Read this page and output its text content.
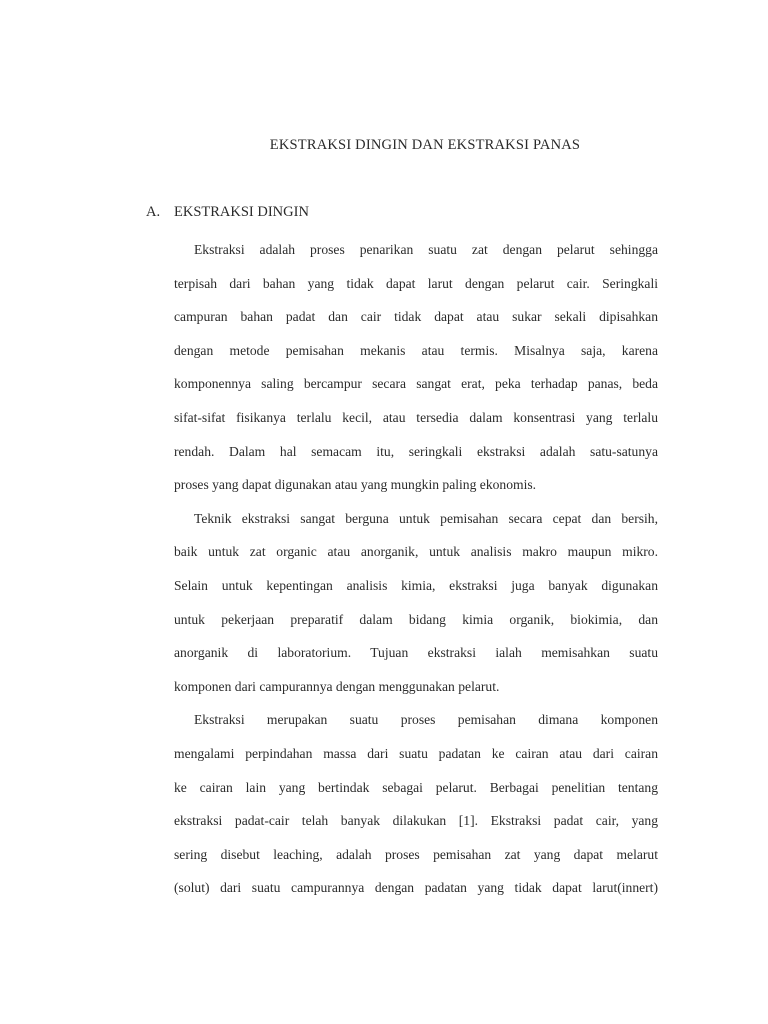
EKSTRAKSI DINGIN DAN EKSTRAKSI PANAS
A. EKSTRAKSI DINGIN
Ekstraksi adalah proses penarikan suatu zat dengan pelarut sehingga
terpisah dari bahan yang tidak dapat larut dengan pelarut cair. Seringkali
campuran bahan padat dan cair tidak dapat atau sukar sekali dipisahkan
dengan metode pemisahan mekanis atau termis. Misalnya saja, karena
komponennya saling bercampur secara sangat erat, peka terhadap panas, beda
sifat-sifat fisikanya terlalu kecil, atau tersedia dalam konsentrasi yang terlalu
rendah. Dalam hal semacam itu, seringkali ekstraksi adalah satu-satunya
proses yang dapat digunakan atau yang mungkin paling ekonomis.
Teknik ekstraksi sangat berguna untuk pemisahan secara cepat dan bersih,
baik untuk zat organic atau anorganik, untuk analisis makro maupun mikro.
Selain untuk kepentingan analisis kimia, ekstraksi juga banyak digunakan
untuk pekerjaan preparatif dalam bidang kimia organik, biokimia, dan
anorganik di laboratorium. Tujuan ekstraksi ialah memisahkan suatu
komponen dari campurannya dengan menggunakan pelarut.
Ekstraksi merupakan suatu proses pemisahan dimana komponen
mengalami perpindahan massa dari suatu padatan ke cairan atau dari cairan
ke cairan lain yang bertindak sebagai pelarut. Berbagai penelitian tentang
ekstraksi padat-cair telah banyak dilakukan [1]. Ekstraksi padat cair, yang
sering disebut leaching, adalah proses pemisahan zat yang dapat melarut
(solut) dari suatu campurannya dengan padatan yang tidak dapat larut(innert)
